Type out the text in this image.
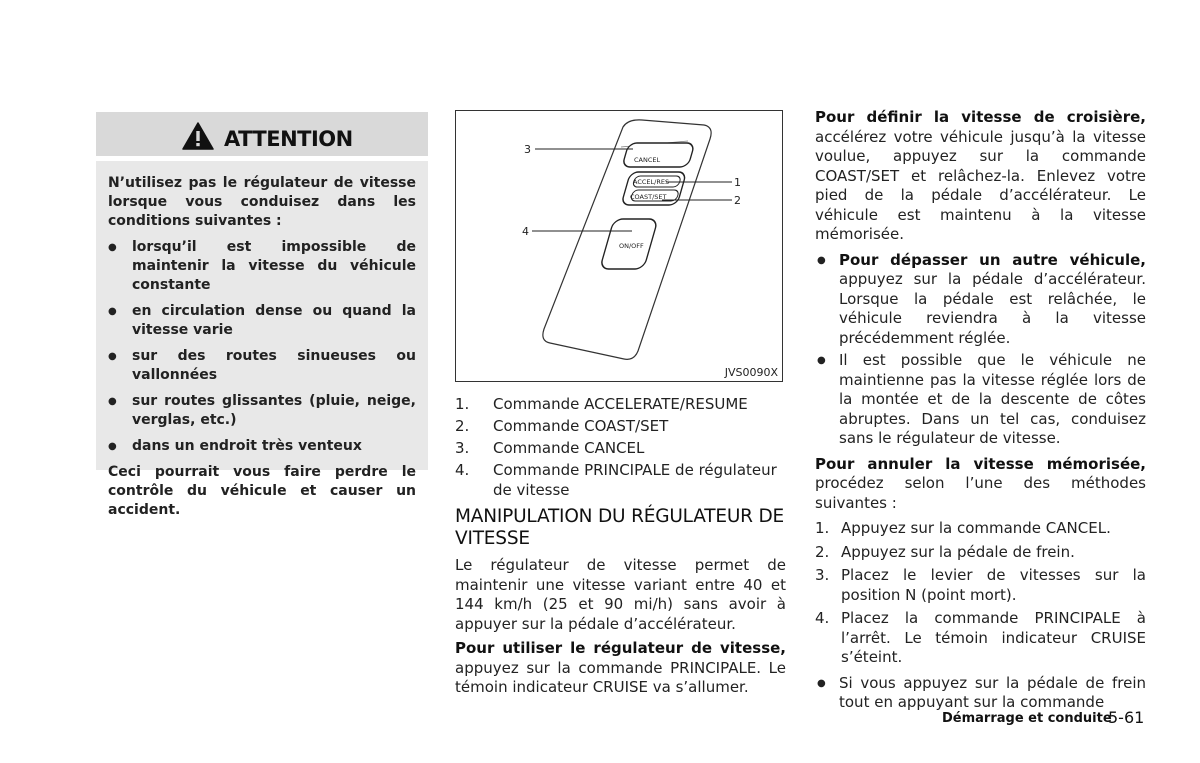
ATTENTION

N’utilisez pas le régulateur de vitesse lorsque vous conduisez dans les conditions suivantes :

● lorsqu’il est impossible de maintenir la vitesse du véhicule constante
● en circulation dense ou quand la vitesse varie
● sur des routes sinueuses ou vallonnées
● sur routes glissantes (pluie, neige, verglas, etc.)
● dans un endroit très venteux

Ceci pourrait vous faire perdre le contrôle du véhicule et causer un accident.

CANCEL
ACCEL/RES
COAST/SET
ON/OFF
3
4
1
2
JVS0090X
1.	Commande ACCELERATE/RESUME
2.	Commande COAST/SET
3.	Commande CANCEL
4.	Commande PRINCIPALE de régulateur de vitesse
MANIPULATION DU RÉGULATEUR DE VITESSE
Le régulateur de vitesse permet de maintenir une vitesse variant entre 40 et 144 km/h (25 et 90 mi/h) sans avoir à appuyer sur la pédale d’accélérateur.
Pour utiliser le régulateur de vitesse, appuyez sur la commande PRINCIPALE. Le témoin indicateur CRUISE va s’allumer.

Pour définir la vitesse de croisière, accélérez votre véhicule jusqu’à la vitesse voulue, appuyez sur la commande COAST/SET et relâchez-la. Enlevez votre pied de la pédale d’accélérateur. Le véhicule est maintenu à la vitesse mémorisée.

● Pour dépasser un autre véhicule, appuyez sur la pédale d’accélérateur. Lorsque la pédale est relâchée, le véhicule reviendra à la vitesse précédemment réglée.
● Il est possible que le véhicule ne maintienne pas la vitesse réglée lors de la montée et de la descente de côtes abruptes. Dans un tel cas, conduisez sans le régulateur de vitesse.

Pour annuler la vitesse mémorisée, procédez selon l’une des méthodes suivantes :

1. Appuyez sur la commande CANCEL.
2. Appuyez sur la pédale de frein.
3. Placez le levier de vitesses sur la position N (point mort).
4. Placez la commande PRINCIPALE à l’arrêt. Le témoin indicateur CRUISE s’éteint.
● Si vous appuyez sur la pédale de frein tout en appuyant sur la commande
Démarrage et conduite
5-61
